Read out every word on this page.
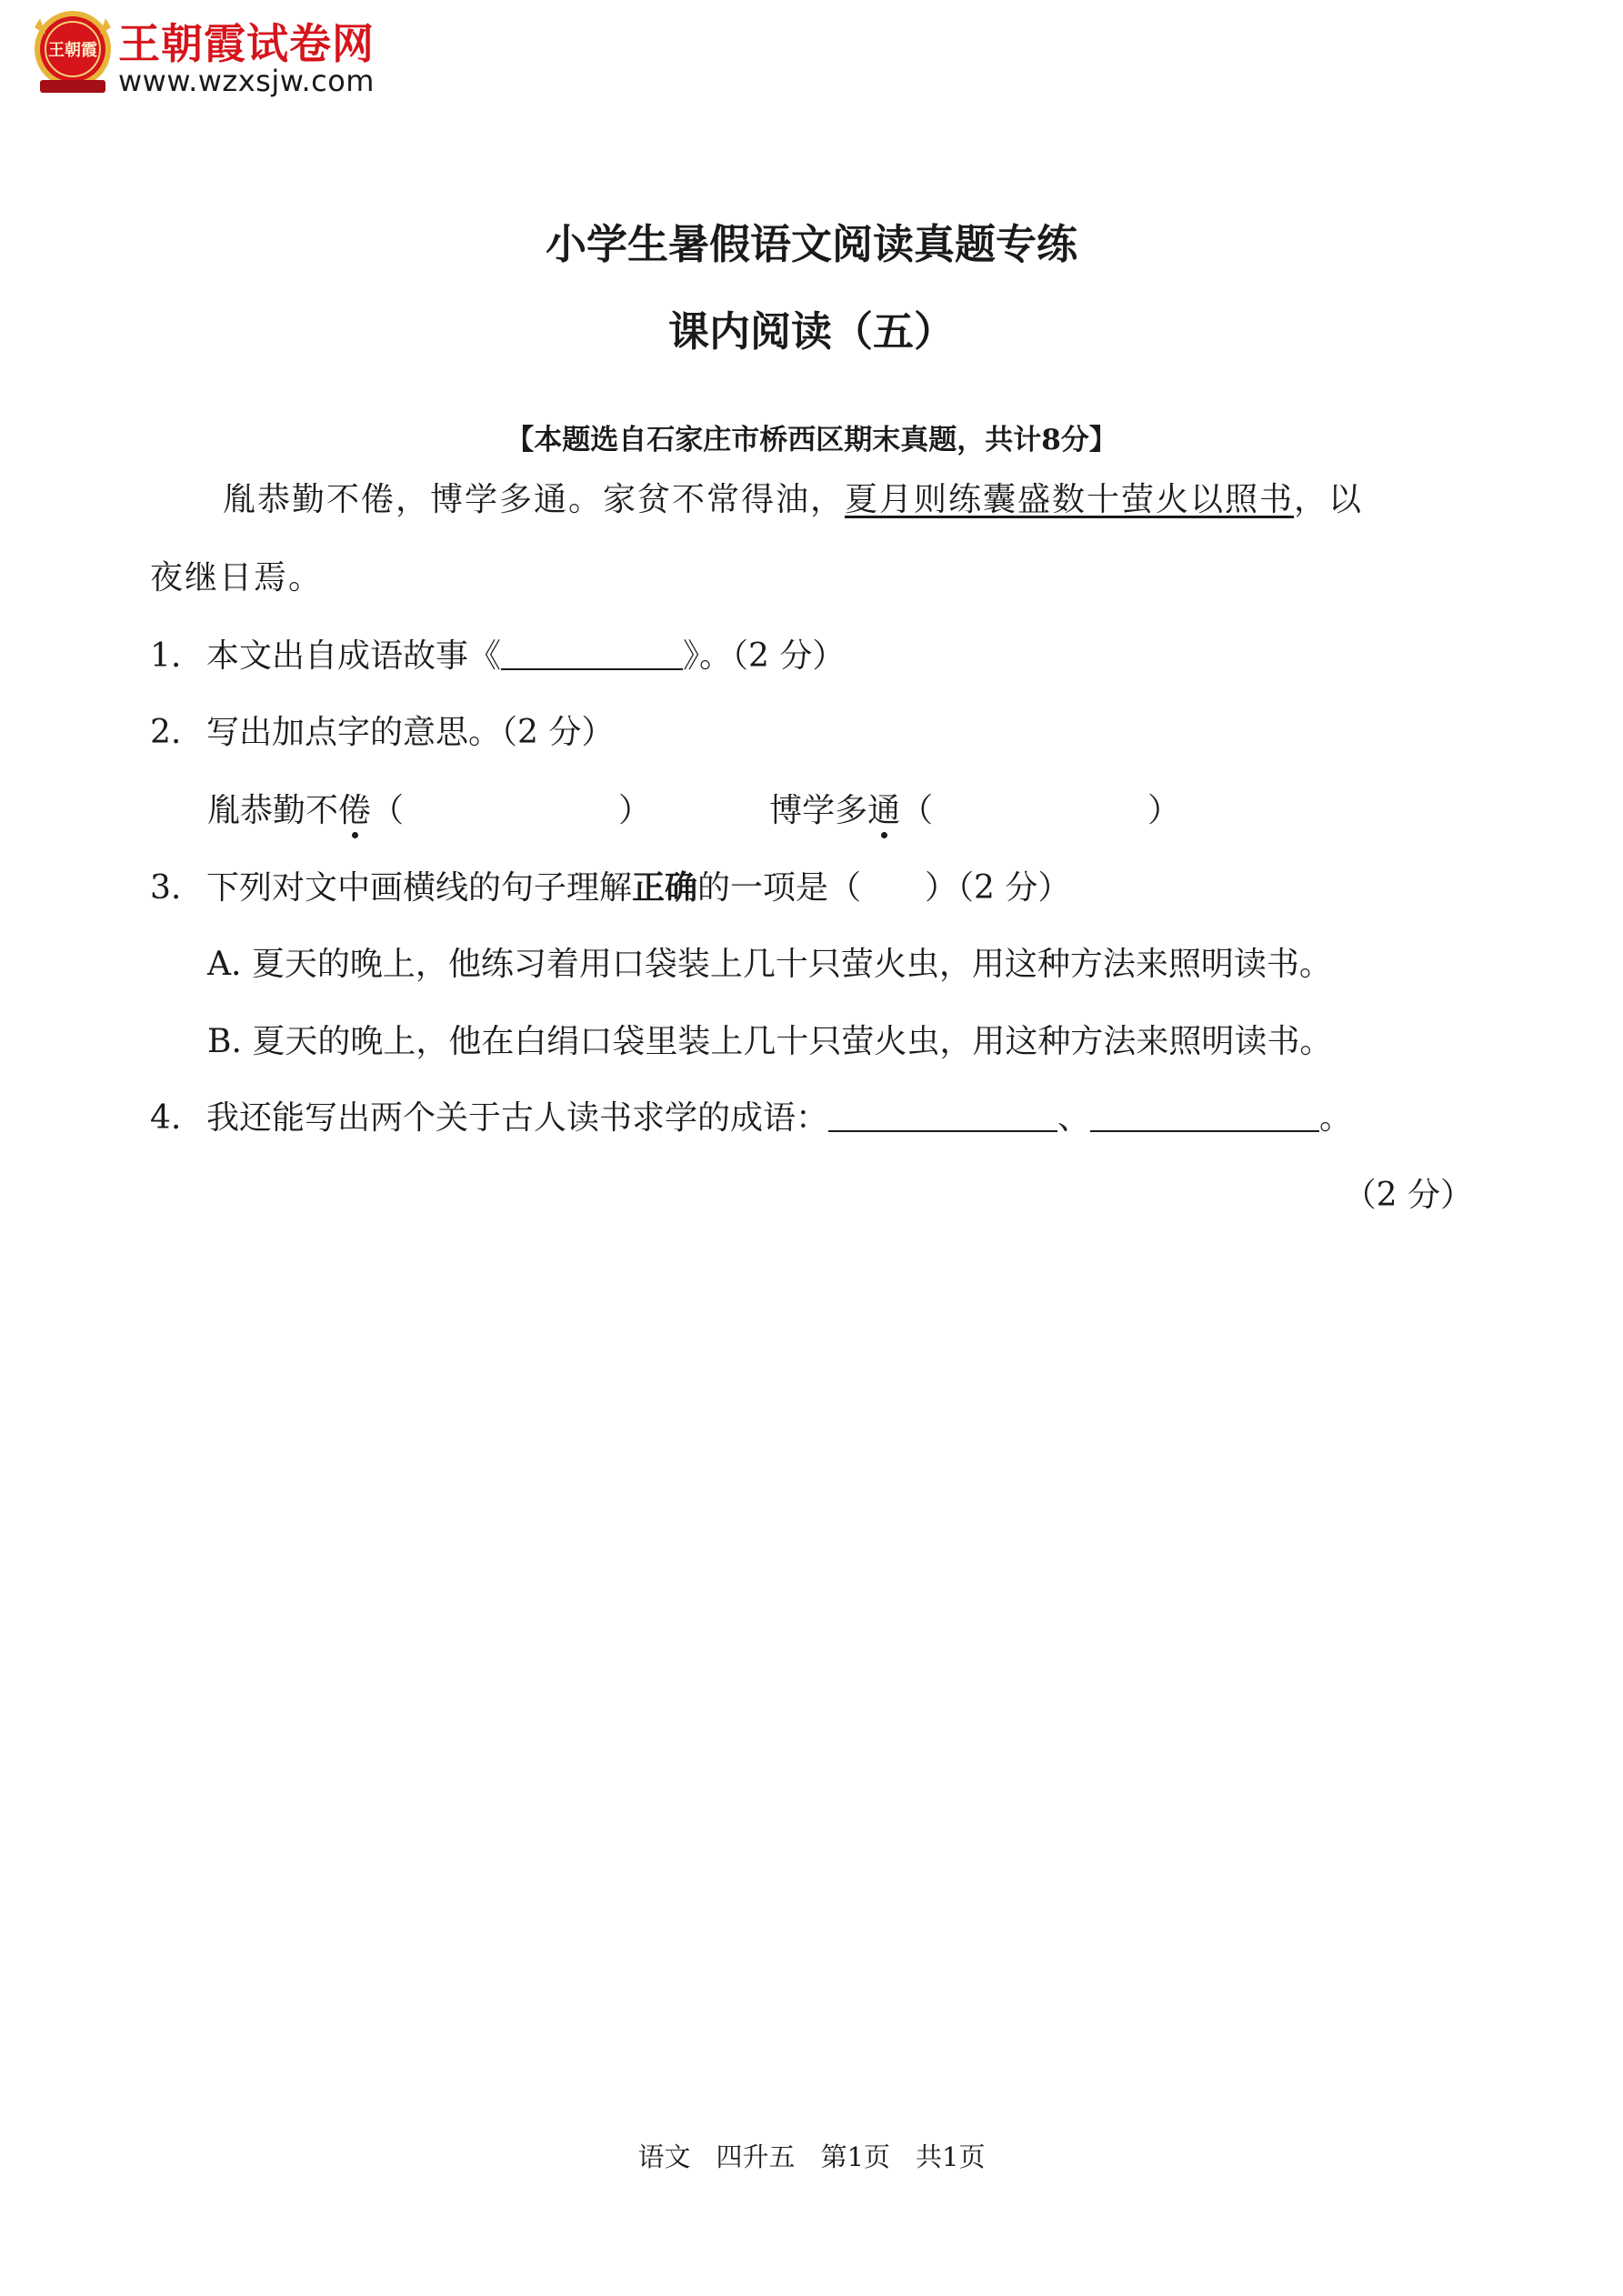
王朝霞 王朝霞试卷网
www.wzxsjw.com
小学生暑假语文阅读真题专练
课内阅读（五）
【本题选自石家庄市桥西区期末真题，共计8分】
胤恭勤不倦，博学多通。家贫不常得油，夏月则练囊盛数十萤火以照书，以
夜继日焉。
1. 本文出自成语故事《	》。（2 分）
2. 写出加点字的意思。（2 分）
胤恭勤不倦（	）	博学多通（	）
3. 下列对文中画横线的句子理解正确的一项是（ ）（2 分）
A. 夏天的晚上，他练习着用口袋装上几十只萤火虫，用这种方法来照明读书。
B. 夏天的晚上，他在白绢口袋里装上几十只萤火虫，用这种方法来照明读书。
4. 我还能写出两个关于古人读书求学的成语：	、	。
（2 分）
语文 四升五 第1页 共1页
